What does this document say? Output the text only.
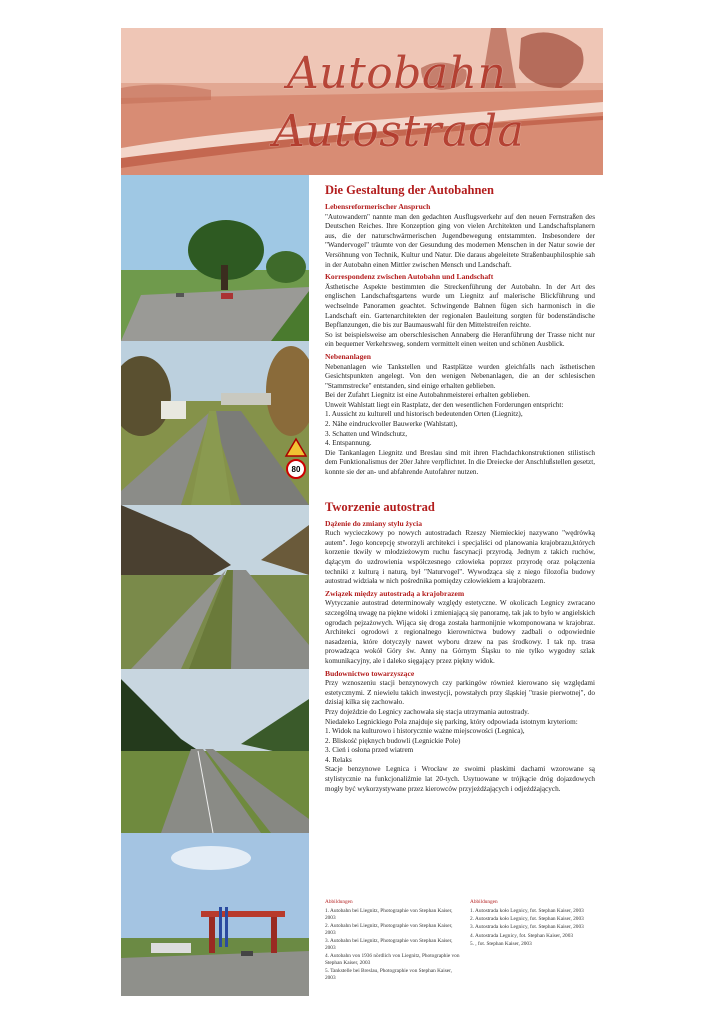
Autobahn
Autostrada
80
Die Gestaltung der Autobahnen
Lebensreformerischer Anspruch

"Autowandern" nannte man den gedachten Ausflugsverkehr auf den neuen Fernstraßen des Deutschen Reiches. Ihre Konzeption ging von vielen Architekten und Landschaftsplanern aus, die der naturschwärmerischen Jugendbewegung entstammten. Insbesondere der "Wandervogel" träumte von der Gesundung des modernen Menschen in der Natur sowie der Versöhnung von Technik, Kultur und Natur. Die daraus abgeleitete Straßenbauphilosphie sah in der Autobahn einen Mittler zwischen Mensch und Landschaft.

Korrespondenz zwischen Autobahn und Landschaft

Ästhetische Aspekte bestimmten die Streckenführung der Autobahn. In der Art des englischen Landschaftsgartens wurde um Liegnitz auf malerische Blickführung und wechselnde Panoramen geachtet. Schwingende Bahnen fügen sich harmonisch in die Landschaft ein. Gartenarchitekten der regionalen Bauleitung sorgten für bodenständische Bepflanzungen, die bis zur Baumauswahl für den Mittelstreifen reichte.

So ist beispielsweise am oberschlesischen Annaberg die Heranführung der Trasse nicht nur ein bequemer Verkehrsweg, sondern vermittelt einen weiten und schönen Ausblick.

Nebenanlagen

Nebenanlagen wie Tankstellen und Rastplätze wurden gleichfalls nach ästhetischen Gesichtspunkten angelegt. Von den wenigen Nebenanlagen, die an der schlesischen "Stammstrecke" entstanden, sind einige erhalten geblieben.

Bei der Zufahrt Liegnitz ist eine Autobahnmeisterei erhalten geblieben.

Unweit Wahlstatt liegt ein Rastplatz, der den wesentlichen Forderungen entspricht:

1. Aussicht zu kulturell und historisch bedeutenden Orten (Liegnitz),

2. Nähe eindruckvoller Bauwerke (Wahlstatt),

3. Schatten und Windschutz,

4. Entspannung.

Die Tankanlagen Liegnitz und Breslau sind mit ihren Flachdachkonstruktionen stilistisch dem Funktionalismus der 20er Jahre verpflichtet. In die Dreiecke der Anschlußstellen gesetzt, konnte sie der an- und abfahrende Autofahrer nutzen.

Tworzenie autostrad
Dążenie do zmiany stylu życia

Ruch wycieczkowy po nowych autostradach Rzeszy Niemieckiej nazywano "wędrówką autem". Jego koncepcję stworzyli architekci i specjaliści od planowania krajobrazu,których korzenie tkwiły w młodzieżowym ruchu fascynacji przyrodą. Jednym z takich ruchów, dążącym do uzdrowienia współczesnego człowieka poprzez przyrodę oraz połączenia techniki z kulturą i naturą, był "Naturvogel". Wywodząca się z niego filozofia budowy autostrad widziała w nich pośrednika pomiędzy człowiekiem a krajobrazem.

Związek między autostradą a krajobrazem

Wytyczanie autostrad determinowały względy estetyczne. W okolicach Legnicy zwracano szczególną uwagę na piękne widoki i zmieniającą się panoramę, tak jak to było w angielskich ogrodach pejzażowych. Wijąca się droga została harmonijnie wkomponowana w krajobraz. Architekci ogrodowi z regionalnego kierownictwa budowy zadbali o odpowiednie nasadzenia, które dotyczyły nawet wyboru drzew na pas środkowy. I tak np. trasa prowadząca wokół Góry św. Anny na Górnym Śląsku to nie tylko wygodny szlak komunikacyjny, ale i daleko sięgający przez piękny widok.

Budownictwo towarzyszące

Przy wznoszeniu stacji benzynowych czy parkingów również kierowano się względami estetycznymi. Z niewielu takich inwestycji, powstałych przy śląskiej "trasie pierwotnej", do dzisiaj kilka się zachowało.

Przy dojeździe do Legnicy zachowała się stacja utrzymania autostrady.

Niedaleko Legnickiego Pola znajduje się parking, który odpowiada istotnym kryteriom:

1. Widok na kulturowo i historycznie ważne miejscowości (Legnica),

2. Bliskość pięknych budowli (Legnickie Pole)

3. Cień i osłona przed wiatrem

4. Relaks

Stacje benzynowe Legnica i Wrocław ze swoimi płaskimi dachami wzorowane są stylistycznie na funkcjonaliźmie lat 20-tych. Usytuowane w trójkącie dróg dojazdowych mogły być wykorzystywane przez kierowców przyjeżdżających i odjeżdżających.

Abbildungen

1. Autobahn bei Liegnitz, Photographie von Stephan Kaiser, 2003

2. Autobahn bei Liegnitz, Photographie von Stephan Kaiser, 2003

3. Autobahn bei Liegnitz, Photographie von Stephan Kaiser, 2003

4. Autobahn von 1936 nördlich von Liegnitz, Photographie von Stephan Kaiser, 2003

5. Tankstelle bei Breslau, Photographie von Stephan Kaiser, 2003

Abbildungen

1. Autostrada koło Legnicy, fot. Stephan Kaiser, 2003

2. Autostrada koło Legnicy, fot. Stephan Kaiser, 2003

3. Autostrada koło Legnicy, fot. Stephan Kaiser, 2003

4. Autostrada Legnicy, fot. Stephan Kaiser, 2003

5. , fot. Stephan Kaiser, 2003
